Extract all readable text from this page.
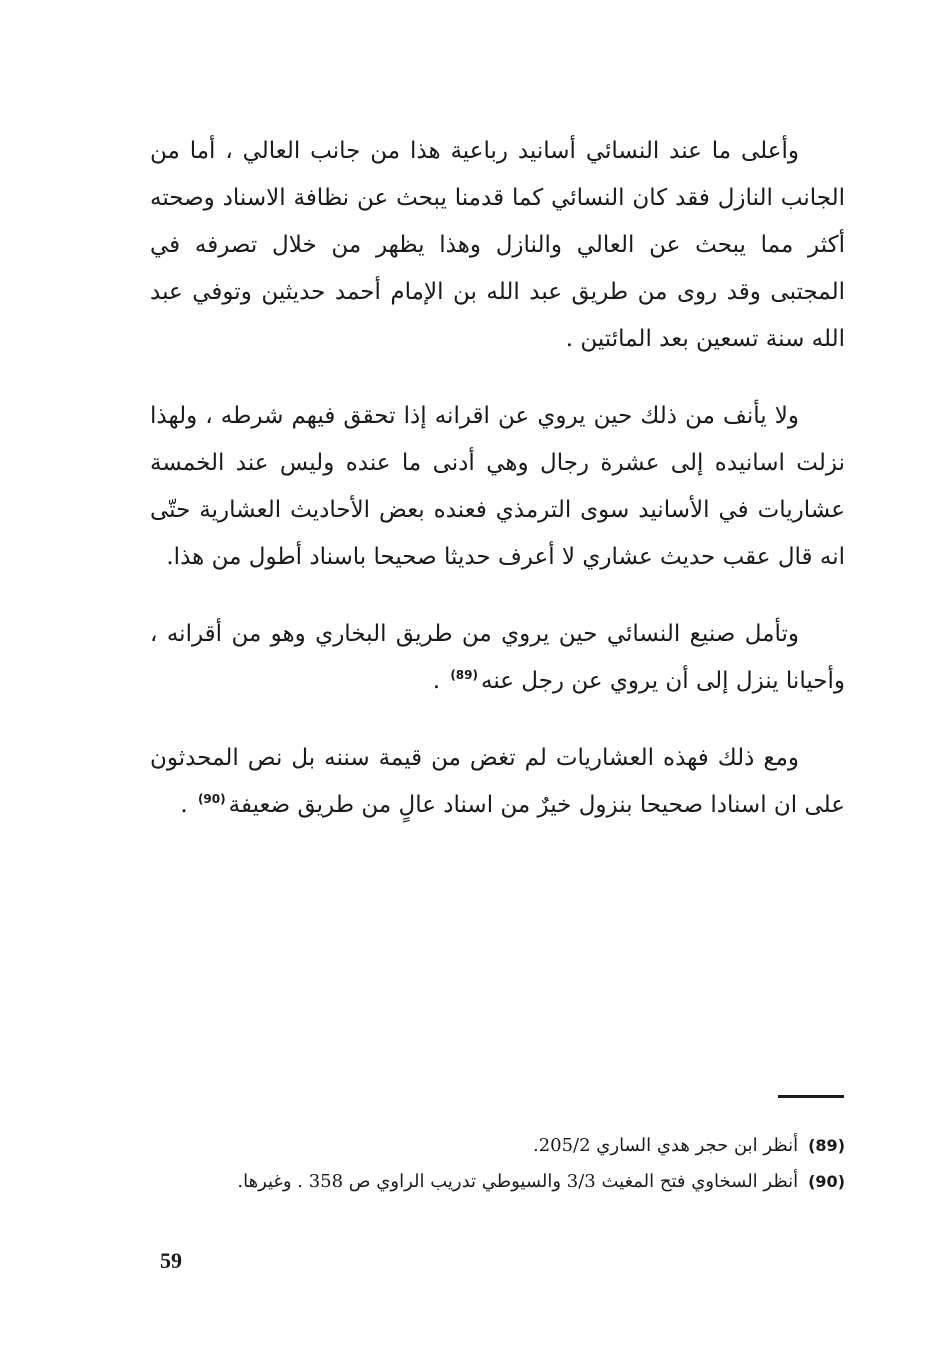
وأعلى ما عند النسائي أسانيد رباعية هذا من جانب العالي ، أما من الجانب النازل فقد كان النسائي كما قدمنا يبحث عن نظافة الاسناد وصحته أكثر مما يبحث عن العالي والنازل وهذا يظهر من خلال تصرفه في المجتبى وقد روى من طريق عبد الله بن الإمام أحمد حديثين وتوفي عبد الله سنة تسعين بعد المائتين .

ولا يأنف من ذلك حين يروي عن اقرانه إذا تحقق فيهم شرطه ، ولهذا نزلت اسانيده إلى عشرة رجال وهي أدنى ما عنده وليس عند الخمسة عشاريات في الأسانيد سوى الترمذي فعنده بعض الأحاديث العشارية حتّى انه قال عقب حديث عشاري لا أعرف حديثا صحيحا باسناد أطول من هذا.

وتأمل صنيع النسائي حين يروي من طريق البخاري وهو من أقرانه ، وأحيانا ينزل إلى أن يروي عن رجل عنه$^{(89)}$ .

ومع ذلك فهذه العشاريات لم تغض من قيمة سننه بل نص المحدثون على ان اسنادا صحيحا بنزول خيرٌ من اسناد عالٍ من طريق ضعيفة$^{(90)}$ .

(89)أنظر ابن حجر هدي الساري 205/2.

(90)أنظر السخاوي فتح المغيث 3/3 والسيوطي تدريب الراوي ص 358 . وغيرها.

59
